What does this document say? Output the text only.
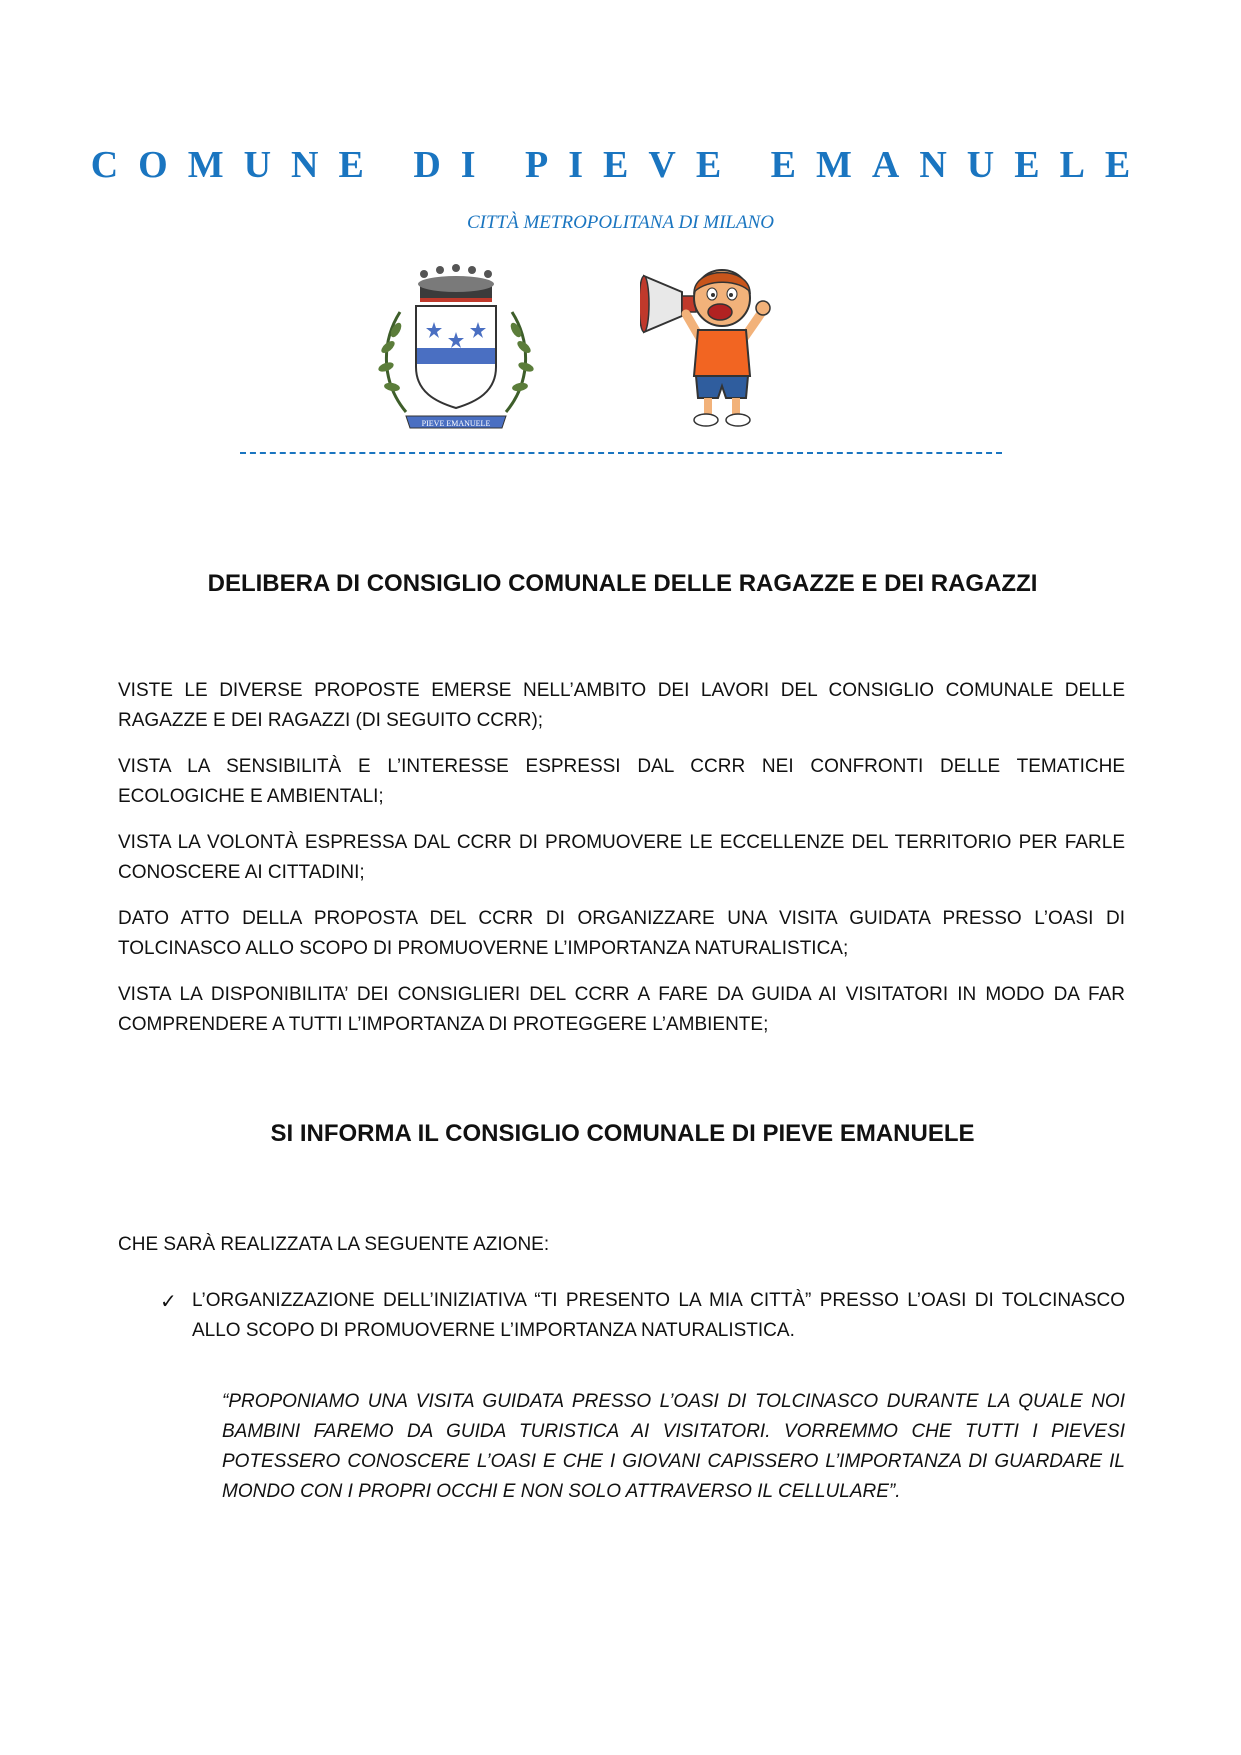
COMUNE DI PIEVE EMANUELE
CITTÀ METROPOLITANA DI MILANO
PIEVE EMANUELE
DELIBERA DI CONSIGLIO COMUNALE DELLE RAGAZZE E DEI RAGAZZI

VISTE LE DIVERSE PROPOSTE EMERSE NELL’AMBITO DEI LAVORI DEL CONSIGLIO COMUNALE DELLE RAGAZZE E DEI RAGAZZI (DI SEGUITO CCRR);

VISTA LA SENSIBILITÀ E L’INTERESSE ESPRESSI DAL CCRR NEI CONFRONTI DELLE TEMATICHE ECOLOGICHE E AMBIENTALI;

VISTA LA VOLONTÀ ESPRESSA DAL CCRR DI PROMUOVERE LE ECCELLENZE DEL TERRITORIO PER FARLE CONOSCERE AI CITTADINI;

DATO ATTO DELLA PROPOSTA DEL CCRR DI ORGANIZZARE UNA VISITA GUIDATA PRESSO L’OASI DI TOLCINASCO ALLO SCOPO DI PROMUOVERNE L’IMPORTANZA NATURALISTICA;

VISTA LA DISPONIBILITA’ DEI CONSIGLIERI DEL CCRR A FARE DA GUIDA AI VISITATORI IN MODO DA FAR COMPRENDERE A TUTTI L’IMPORTANZA DI PROTEGGERE L’AMBIENTE;

SI INFORMA IL CONSIGLIO COMUNALE DI PIEVE EMANUELE

CHE SARÀ REALIZZATA LA SEGUENTE AZIONE:

✓ L’ORGANIZZAZIONE DELL’INIZIATIVA “TI PRESENTO LA MIA CITTÀ” PRESSO L’OASI DI TOLCINASCO ALLO SCOPO DI PROMUOVERNE L’IMPORTANZA NATURALISTICA.

“PROPONIAMO UNA VISITA GUIDATA PRESSO L’OASI DI TOLCINASCO DURANTE LA QUALE NOI BAMBINI FAREMO DA GUIDA TURISTICA AI VISITATORI. VORREMMO CHE TUTTI I PIEVESI POTESSERO CONOSCERE L’OASI E CHE I GIOVANI CAPISSERO L’IMPORTANZA DI GUARDARE IL MONDO CON I PROPRI OCCHI E NON SOLO ATTRAVERSO IL CELLULARE”.
